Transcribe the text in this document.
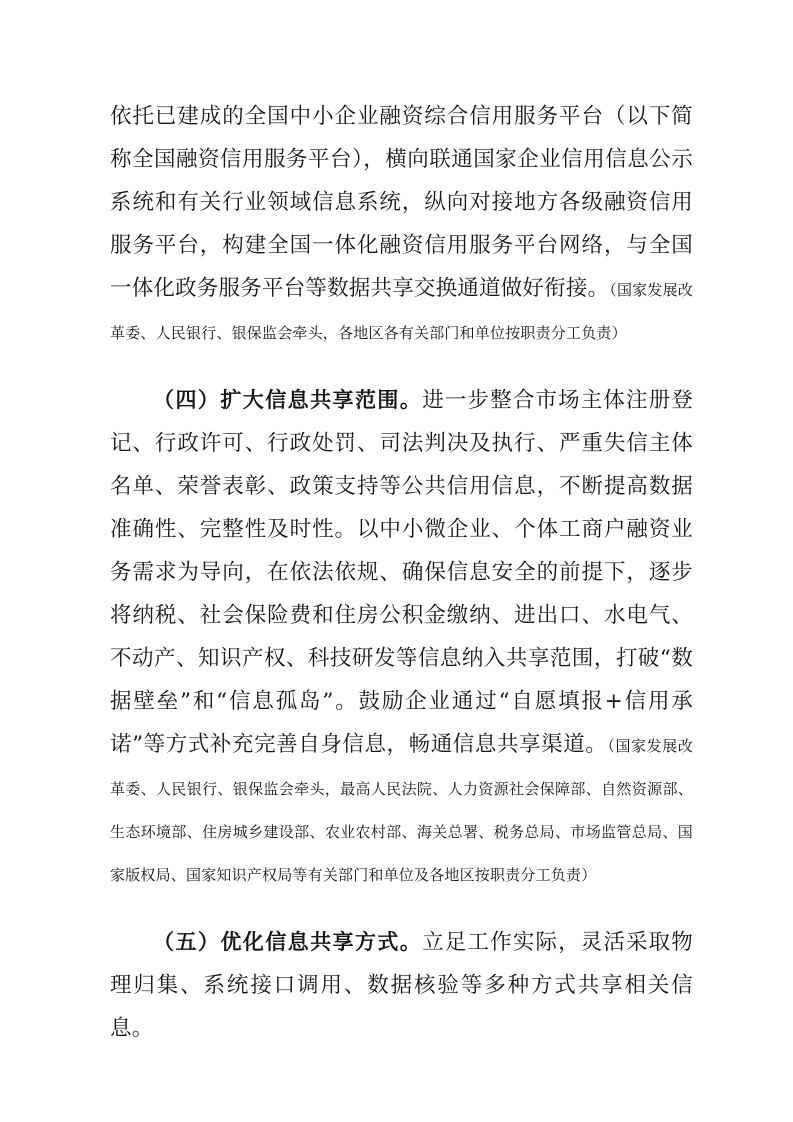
依托已建成的全国中小企业融资综合信用服务平台（以下简称全国融资信用服务平台），横向联通国家企业信用信息公示系统和有关行业领域信息系统，纵向对接地方各级融资信用服务平台，构建全国一体化融资信用服务平台网络，与全国一体化政务服务平台等数据共享交换通道做好衔接。（国家发展改革委、人民银行、银保监会牵头，各地区各有关部门和单位按职责分工负责）

（四）扩大信息共享范围。进一步整合市场主体注册登记、行政许可、行政处罚、司法判决及执行、严重失信主体名单、荣誉表彰、政策支持等公共信用信息，不断提高数据准确性、完整性及时性。以中小微企业、个体工商户融资业务需求为导向，在依法依规、确保信息安全的前提下，逐步将纳税、社会保险费和住房公积金缴纳、进出口、水电气、不动产、知识产权、科技研发等信息纳入共享范围，打破“数据壁垒”和“信息孤岛”。鼓励企业通过“自愿填报+信用承诺”等方式补充完善自身信息，畅通信息共享渠道。（国家发展改革委、人民银行、银保监会牵头，最高人民法院、人力资源社会保障部、自然资源部、生态环境部、住房城乡建设部、农业农村部、海关总署、税务总局、市场监管总局、国家版权局、国家知识产权局等有关部门和单位及各地区按职责分工负责）

（五）优化信息共享方式。立足工作实际，灵活采取物理归集、系统接口调用、数据核验等多种方式共享相关信息。
